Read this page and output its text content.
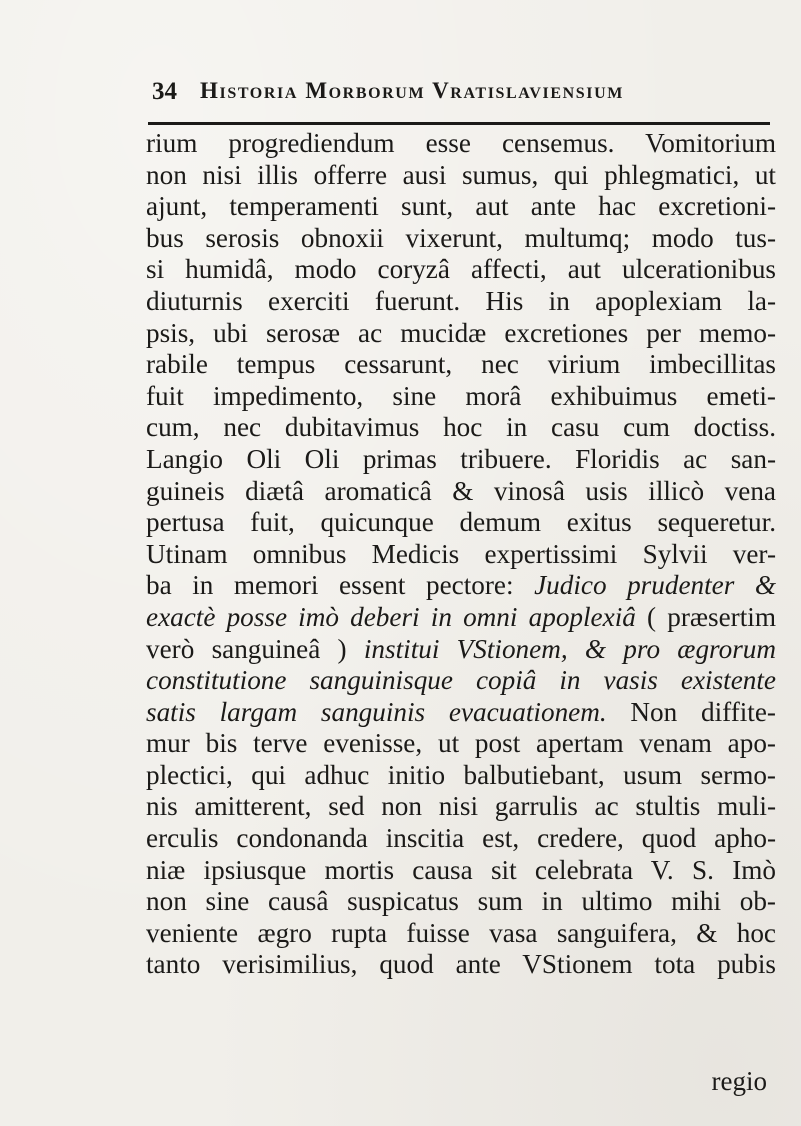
34 Historia Morborum Vratislaviensium
rium progrediendum esse censemus. Vomitorium
non nisi illis offerre ausi sumus, qui phlegmatici, ut
ajunt, temperamenti sunt, aut ante hac excretioni-
bus serosis obnoxii vixerunt, multumq; modo tus-
si humidâ, modo coryzâ affecti, aut ulcerationibus
diuturnis exerciti fuerunt. His in apoplexiam la-
psis, ubi serosæ ac mucidæ excretiones per memo-
rabile tempus cessarunt, nec virium imbecillitas
fuit impedimento, sine morâ exhibuimus emeti-
cum, nec dubitavimus hoc in casu cum doctiss.
Langio Oli Oli primas tribuere. Floridis ac san-
guineis diætâ aromaticâ & vinosâ usis illicò vena
pertusa fuit, quicunque demum exitus sequeretur.
Utinam omnibus Medicis expertissimi Sylvii ver-
ba in memori essent pectore: Judico prudenter &
exactè posse imò deberi in omni apoplexiâ ( præsertim
verò sanguineâ ) institui VStionem, & pro ægrorum
constitutione sanguinisque copiâ in vasis existente
satis largam sanguinis evacuationem. Non diffite-
mur bis terve evenisse, ut post apertam venam apo-
plectici, qui adhuc initio balbutiebant, usum sermo-
nis amitterent, sed non nisi garrulis ac stultis muli-
erculis condonanda inscitia est, credere, quod apho-
niæ ipsiusque mortis causa sit celebrata V. S. Imò
non sine causâ suspicatus sum in ultimo mihi ob-
veniente ægro rupta fuisse vasa sanguifera, & hoc
tanto verisimilius, quod ante VStionem tota pubis
regio
